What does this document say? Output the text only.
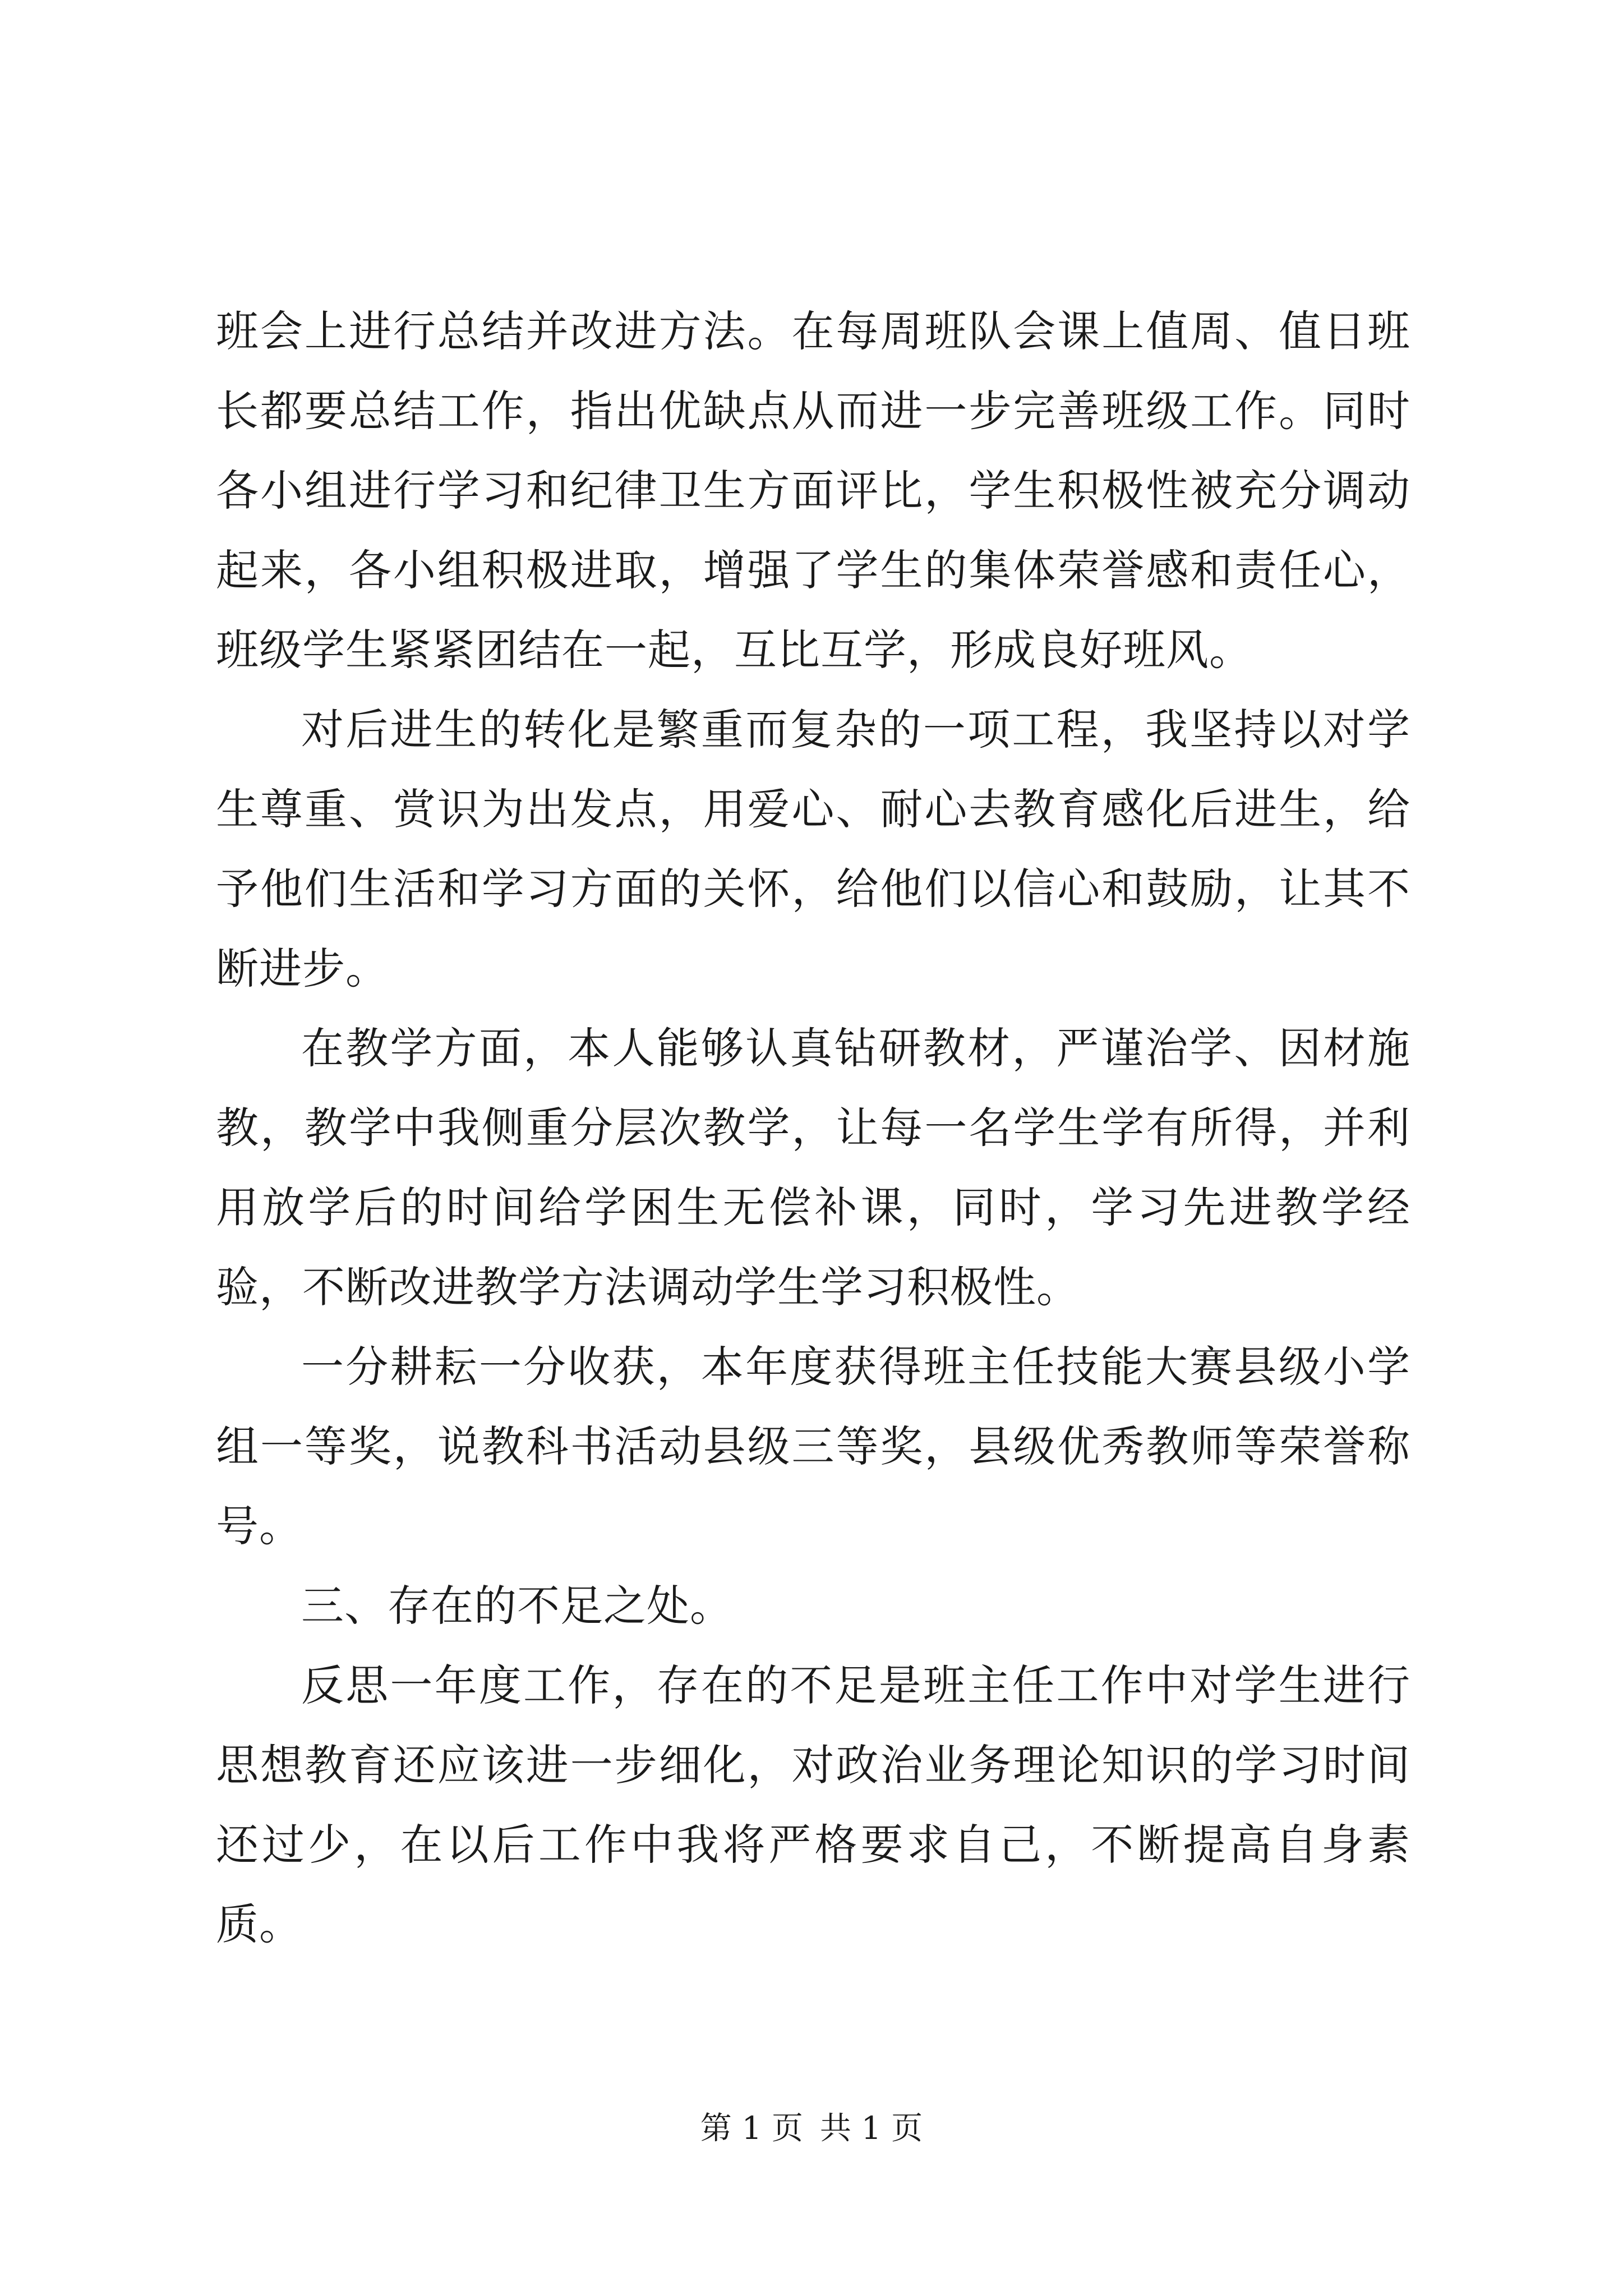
班会上进行总结并改进方法。在每周班队会课上值周、值日班长都要总结工作，指出优缺点从而进一步完善班级工作。同时各小组进行学习和纪律卫生方面评比，学生积极性被充分调动起来，各小组积极进取，增强了学生的集体荣誉感和责任心，班级学生紧紧团结在一起，互比互学，形成良好班风。

对后进生的转化是繁重而复杂的一项工程，我坚持以对学生尊重、赏识为出发点，用爱心、耐心去教育感化后进生，给予他们生活和学习方面的关怀，给他们以信心和鼓励，让其不断进步。

在教学方面，本人能够认真钻研教材，严谨治学、因材施教，教学中我侧重分层次教学，让每一名学生学有所得，并利用放学后的时间给学困生无偿补课，同时，学习先进教学经验，不断改进教学方法调动学生学习积极性。

一分耕耘一分收获，本年度获得班主任技能大赛县级小学组一等奖，说教科书活动县级三等奖，县级优秀教师等荣誉称号。

三、存在的不足之处。

反思一年度工作，存在的不足是班主任工作中对学生进行思想教育还应该进一步细化，对政治业务理论知识的学习时间还过少，在以后工作中我将严格要求自己，不断提高自身素质。

第 1 页 共 1 页
